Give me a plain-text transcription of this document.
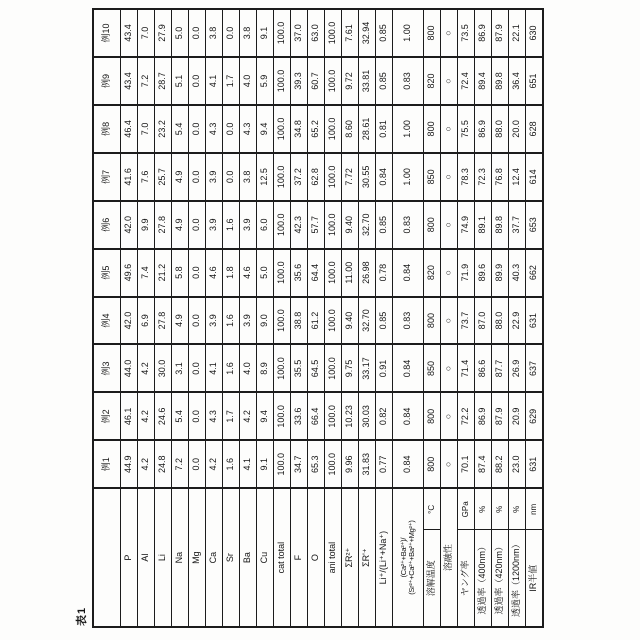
表1
		例1	例2	例3	例4	例5	例6	例7	例8	例9	例10
P		44.9	46.1	44.0	42.0	49.6	42.0	41.6	46.4	43.4	43.4
Al		4.2	4.2	4.2	6.9	7.4	9.9	7.6	7.0	7.2	7.0
Li		24.8	24.6	30.0	27.8	21.2	27.8	25.7	23.2	28.7	27.9
Na		7.2	5.4	3.1	4.9	5.8	4.9	4.9	5.4	5.1	5.0
Mg		0.0	0.0	0.0	0.0	0.0	0.0	0.0	0.0	0.0	0.0
Ca		4.2	4.3	4.1	3.9	4.6	3.9	3.9	4.3	4.1	3.8
Sr		1.6	1.7	1.6	1.6	1.8	1.6	0.0	0.0	1.7	0.0
Ba		4.1	4.2	4.0	3.9	4.6	3.9	3.8	4.3	4.0	3.8
Cu		9.1	9.4	8.9	9.0	5.0	6.0	12.5	9.4	5.9	9.1
cat total		100.0	100.0	100.0	100.0	100.0	100.0	100.0	100.0	100.0	100.0
F		34.7	33.6	35.5	38.8	35.6	42.3	37.2	34.8	39.3	37.0
O		65.3	66.4	64.5	61.2	64.4	57.7	62.8	65.2	60.7	63.0
ani total		100.0	100.0	100.0	100.0	100.0	100.0	100.0	100.0	100.0	100.0
ΣR²⁺		9.96	10.23	9.75	9.40	11.00	9.40	7.72	8.60	9.72	7.61
ΣR'⁺		31.83	30.03	33.17	32.70	26.98	32.70	30.55	28.61	33.81	32.94
Li⁺/(Li⁺+Na⁺)		0.77	0.82	0.91	0.85	0.78	0.85	0.84	0.81	0.85	0.85
(Ca²⁺+Ba²⁺)/
(Sr²⁺+Ca²⁺+Ba²⁺+Mg²⁺)		0.84	0.84	0.84	0.83	0.84	0.83	1.00	1.00	0.83	1.00
溶解温度	°C	800	800	850	800	820	800	850	800	820	800
溶融性		○	○	○	○	○	○	○	○	○	○
ヤング率	GPa	70.1	72.2	71.4	73.7	71.9	74.9	78.3	75.5	72.4	73.5
透過率（400nm）	%	87.4	86.9	86.6	87.0	89.6	89.1	72.3	86.9	89.4	86.9
透過率（420nm）	%	88.2	87.9	87.7	88.0	89.9	89.8	76.8	88.0	89.8	87.9
透過率（1200nm）	%	23.0	20.9	26.9	22.9	40.3	37.7	12.4	20.0	36.4	22.1
IR半値	nm	631	629	637	631	662	653	614	628	651	630
